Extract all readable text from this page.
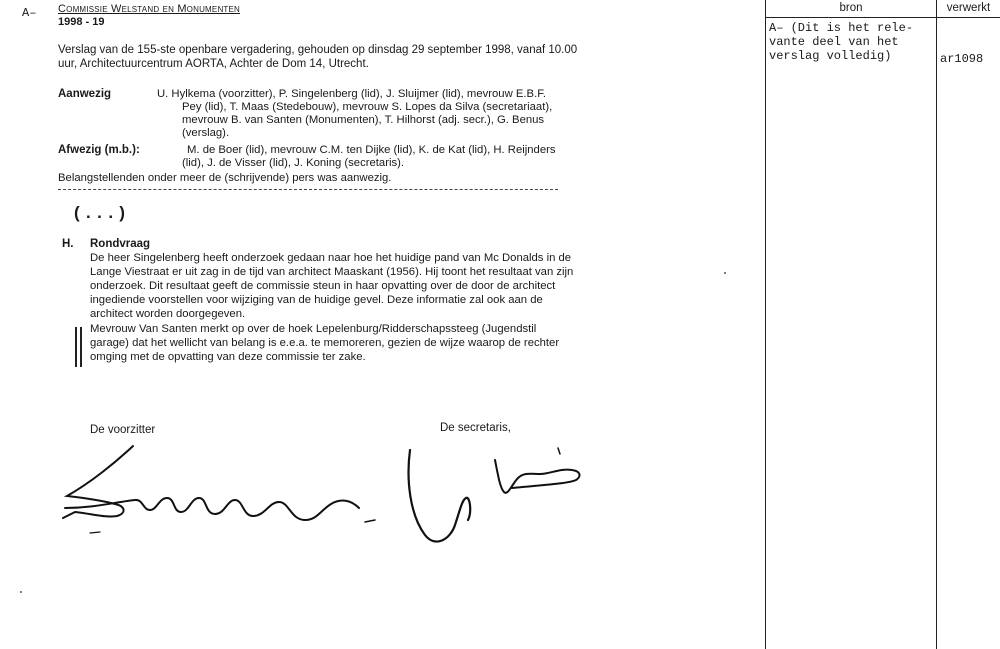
A– Commissie Welstand en Monumenten
1998 - 19
Verslag van de 155-ste openbare vergadering, gehouden op dinsdag 29 september 1998, vanaf 10.00 uur, Architectuurcentrum AORTA, Achter de Dom 14, Utrecht.
Aanwezig	U. Hylkema (voorzitter), P. Singelenberg (lid), J. Sluijmer (lid), mevrouw E.B.F.
Pey (lid), T. Maas (Stedebouw), mevrouw S. Lopes da Silva (secretariaat),
mevrouw B. van Santen (Monumenten), T. Hilhorst (adj. secr.), G. Benus
(verslag).
Afwezig (m.b.):	M. de Boer (lid), mevrouw C.M. ten Dijke (lid), K. de Kat (lid), H. Reijnders
(lid), J. de Visser (lid), J. Koning (secretaris).
Belangstellenden onder meer de (schrijvende) pers was aanwezig.
(...)
H. Rondvraag
De heer Singelenberg heeft onderzoek gedaan naar hoe het huidige pand van Mc Donalds in de
Lange Viestraat er uit zag in de tijd van architect Maaskant (1956). Hij toont het resultaat van zijn
onderzoek. Dit resultaat geeft de commissie steun in haar opvatting over de door de architect
ingediende voorstellen voor wijziging van de huidige gevel. Deze informatie zal ook aan de
architect worden doorgegeven.
Mevrouw Van Santen merkt op over de hoek Lepelenburg/Ridderschapssteeg (Jugendstil
garage) dat het wellicht van belang is e.e.a. te memoreren, gezien de wijze waarop de rechter
omging met de opvatting van deze commissie ter zake.
De voorzitter	De secretaris,
bron	verwerkt
A– (Dit is het rele-
vante deel van het
verslag volledig)	ar1098
